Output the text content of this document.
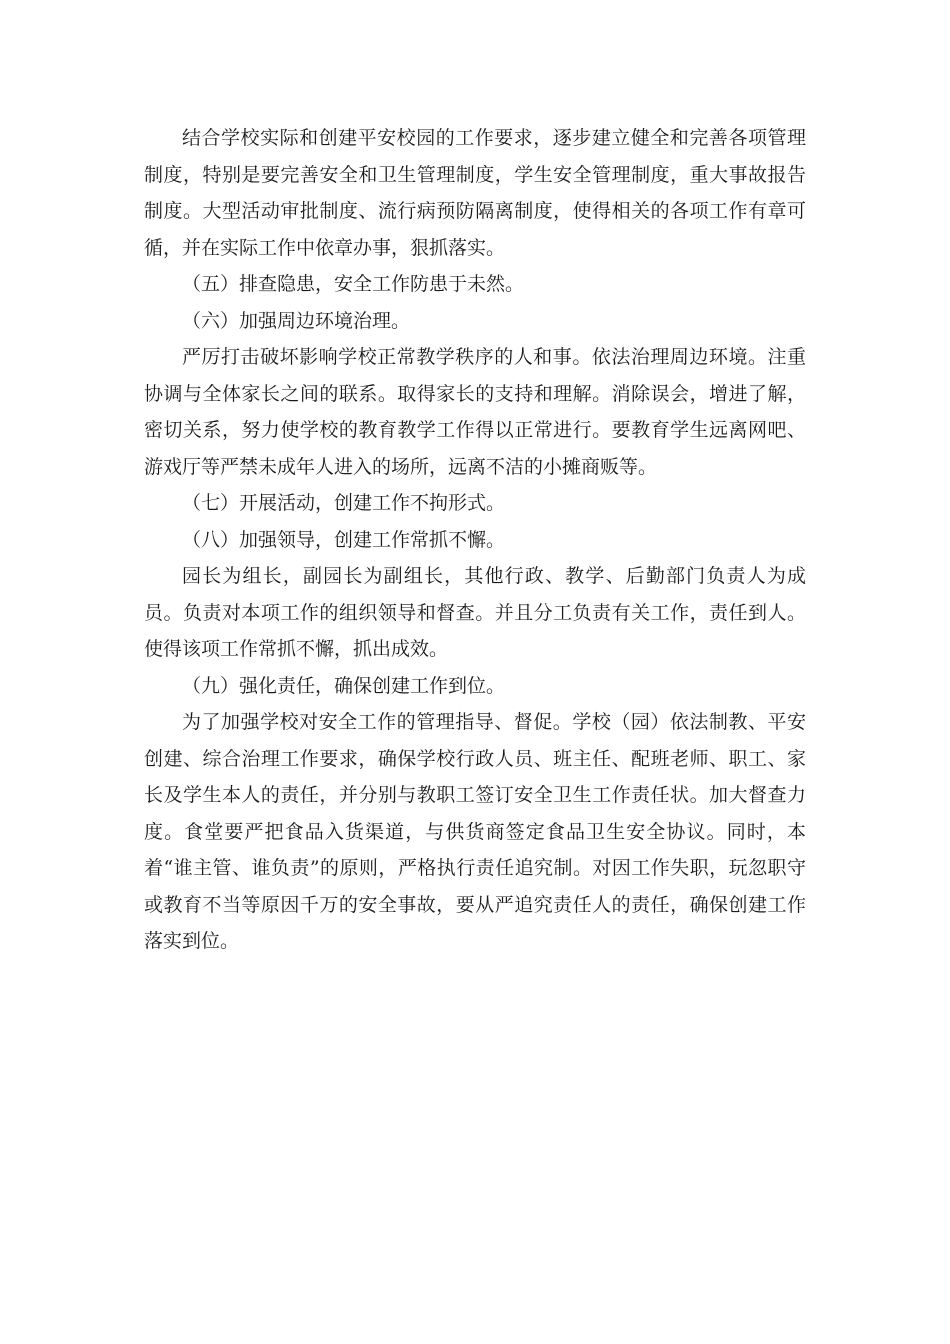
结合学校实际和创建平安校园的工作要求，逐步建立健全和完善各项管理制度，特别是要完善安全和卫生管理制度，学生安全管理制度，重大事故报告制度。大型活动审批制度、流行病预防隔离制度，使得相关的各项工作有章可循，并在实际工作中依章办事，狠抓落实。

（五）排查隐患，安全工作防患于未然。

（六）加强周边环境治理。

严厉打击破坏影响学校正常教学秩序的人和事。依法治理周边环境。注重协调与全体家长之间的联系。取得家长的支持和理解。消除误会，增进了解，密切关系，努力使学校的教育教学工作得以正常进行。要教育学生远离网吧、游戏厅等严禁未成年人进入的场所，远离不洁的小摊商贩等。

（七）开展活动，创建工作不拘形式。

（八）加强领导，创建工作常抓不懈。

园长为组长，副园长为副组长，其他行政、教学、后勤部门负责人为成员。负责对本项工作的组织领导和督查。并且分工负责有关工作，责任到人。使得该项工作常抓不懈，抓出成效。

（九）强化责任，确保创建工作到位。

为了加强学校对安全工作的管理指导、督促。学校（园）依法制教、平安创建、综合治理工作要求，确保学校行政人员、班主任、配班老师、职工、家长及学生本人的责任，并分别与教职工签订安全卫生工作责任状。加大督查力度。食堂要严把食品入货渠道，与供货商签定食品卫生安全协议。同时，本着“谁主管、谁负责”的原则，严格执行责任追究制。对因工作失职，玩忽职守或教育不当等原因千万的安全事故，要从严追究责任人的责任，确保创建工作落实到位。
